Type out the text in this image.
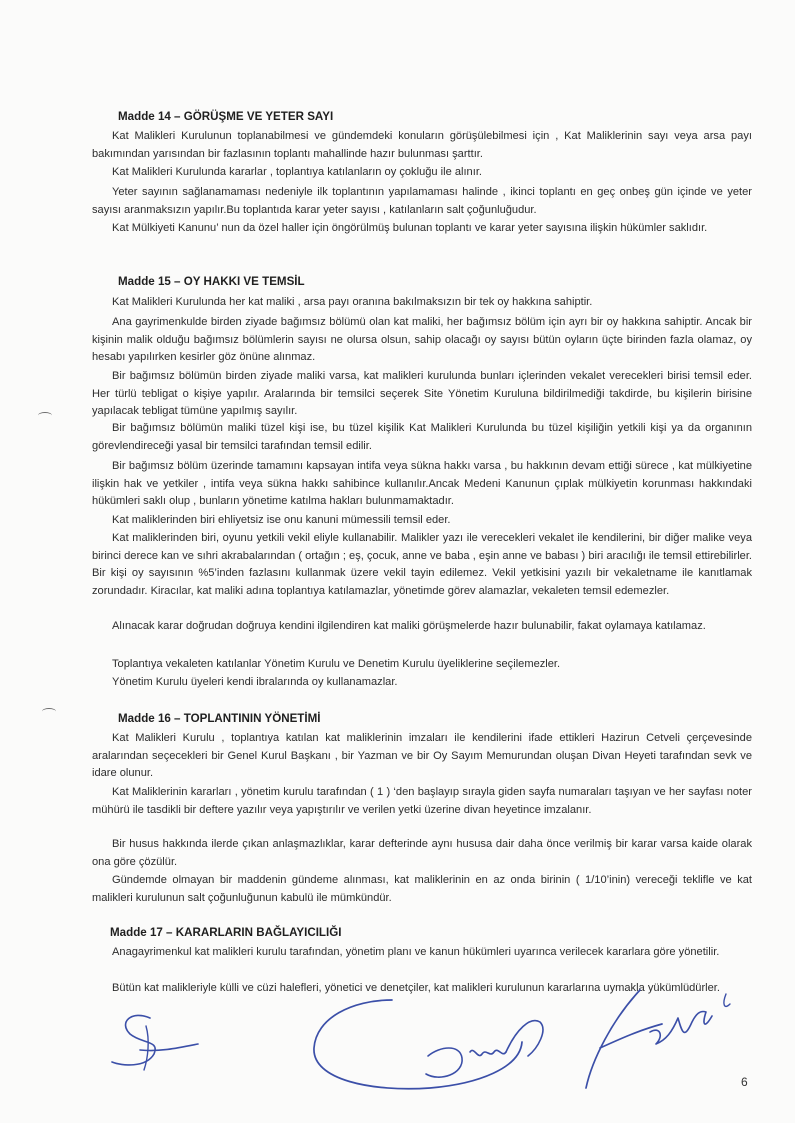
Madde 14 – GÖRÜŞME VE YETER SAYI

Kat Malikleri Kurulunun toplanabilmesi ve gündemdeki konuların görüşülebilmesi için , Kat Maliklerinin sayı veya arsa payı bakımından yarısından bir fazlasının toplantı mahallinde hazır bulunması şarttır.

Kat Malikleri Kurulunda kararlar , toplantıya katılanların oy çokluğu ile alınır.

Yeter sayının sağlanamaması nedeniyle ilk toplantının yapılamaması halinde , ikinci toplantı en geç onbeş gün içinde ve yeter sayısı aranmaksızın yapılır.Bu toplantıda karar yeter sayısı , katılanların salt çoğunluğudur.

Kat Mülkiyeti Kanunu’ nun da özel haller için öngörülmüş bulunan toplantı ve karar yeter sayısına ilişkin hükümler saklıdır.

Madde 15 – OY HAKKI VE TEMSİL

Kat Malikleri Kurulunda her kat maliki , arsa payı oranına bakılmaksızın bir tek oy hakkına sahiptir.

Ana gayrimenkulde birden ziyade bağımsız bölümü olan kat maliki, her bağımsız bölüm için ayrı bir oy hakkına sahiptir. Ancak bir kişinin malik olduğu bağımsız bölümlerin sayısı ne olursa olsun, sahip olacağı oy sayısı bütün oyların üçte birinden fazla olamaz, oy hesabı yapılırken kesirler göz önüne alınmaz.

Bir bağımsız bölümün birden ziyade maliki varsa, kat malikleri kurulunda bunları içlerinden vekalet verecekleri birisi temsil eder. Her türlü tebligat o kişiye yapılır. Aralarında bir temsilci seçerek Site Yönetim Kuruluna bildirilmediği takdirde, bu kişilerin birisine yapılacak tebligat tümüne yapılmış sayılır.

Bir bağımsız bölümün maliki tüzel kişi ise, bu tüzel kişilik Kat Malikleri Kurulunda bu tüzel kişiliğin yetkili kişi ya da organının görevlendireceği yasal bir temsilci tarafından temsil edilir.

Bir bağımsız bölüm üzerinde tamamını kapsayan intifa veya sükna hakkı varsa , bu hakkının devam ettiği sürece , kat mülkiyetine ilişkin hak ve yetkiler , intifa veya sükna hakkı sahibince kullanılır.Ancak Medeni Kanunun çıplak mülkiyetin korunması hakkındaki hükümleri saklı olup , bunların yönetime katılma hakları bulunmamaktadır.

Kat maliklerinden biri ehliyetsiz ise onu kanuni mümessili temsil eder.

Kat maliklerinden biri, oyunu yetkili vekil eliyle kullanabilir. Malikler yazı ile verecekleri vekalet ile kendilerini, bir diğer malike veya birinci derece kan ve sıhri akrabalarından ( ortağın ; eş, çocuk, anne ve baba , eşin anne ve babası ) biri aracılığı ile temsil ettirebilirler. Bir kişi oy sayısının %5’inden fazlasını kullanmak üzere vekil tayin edilemez. Vekil yetkisini yazılı bir vekaletname ile kanıtlamak zorundadır. Kiracılar, kat maliki adına toplantıya katılamazlar, yönetimde görev alamazlar, vekaleten temsil edemezler.

Alınacak karar doğrudan doğruya kendini ilgilendiren kat maliki görüşmelerde hazır bulunabilir, fakat oylamaya katılamaz.

Toplantıya vekaleten katılanlar Yönetim Kurulu ve Denetim Kurulu üyeliklerine seçilemezler.

Yönetim Kurulu üyeleri kendi ibralarında oy kullanamazlar.

Madde 16 – TOPLANTININ YÖNETİMİ

Kat Malikleri Kurulu , toplantıya katılan kat maliklerinin imzaları ile kendilerini ifade ettikleri Hazirun Cetveli çerçevesinde aralarından seçecekleri bir Genel Kurul Başkanı , bir Yazman ve bir Oy Sayım Memurundan oluşan Divan Heyeti tarafından sevk ve idare olunur.

Kat Maliklerinin kararları , yönetim kurulu tarafından ( 1 ) ‘den başlayıp sırayla giden sayfa numaraları taşıyan ve her sayfası noter mühürü ile tasdikli bir deftere yazılır veya yapıştırılır ve verilen yetki üzerine divan heyetince imzalanır.

Bir husus hakkında ilerde çıkan anlaşmazlıklar, karar defterinde aynı hususa dair daha önce verilmiş bir karar varsa kaide olarak ona göre çözülür.

Gündemde olmayan bir maddenin gündeme alınması, kat maliklerinin en az onda birinin ( 1/10’inin) vereceği teklifle ve kat malikleri kurulunun salt çoğunluğunun kabulü ile mümkündür.

Madde 17 – KARARLARIN BAĞLAYICILIĞI

Anagayrimenkul kat malikleri kurulu tarafından, yönetim planı ve kanun hükümleri uyarınca verilecek kararlara göre yönetilir.

Bütün kat malikleriyle külli ve cüzi halefleri, yönetici ve denetçiler, kat malikleri kurulunun kararlarına uymakla yükümlüdürler.

6
